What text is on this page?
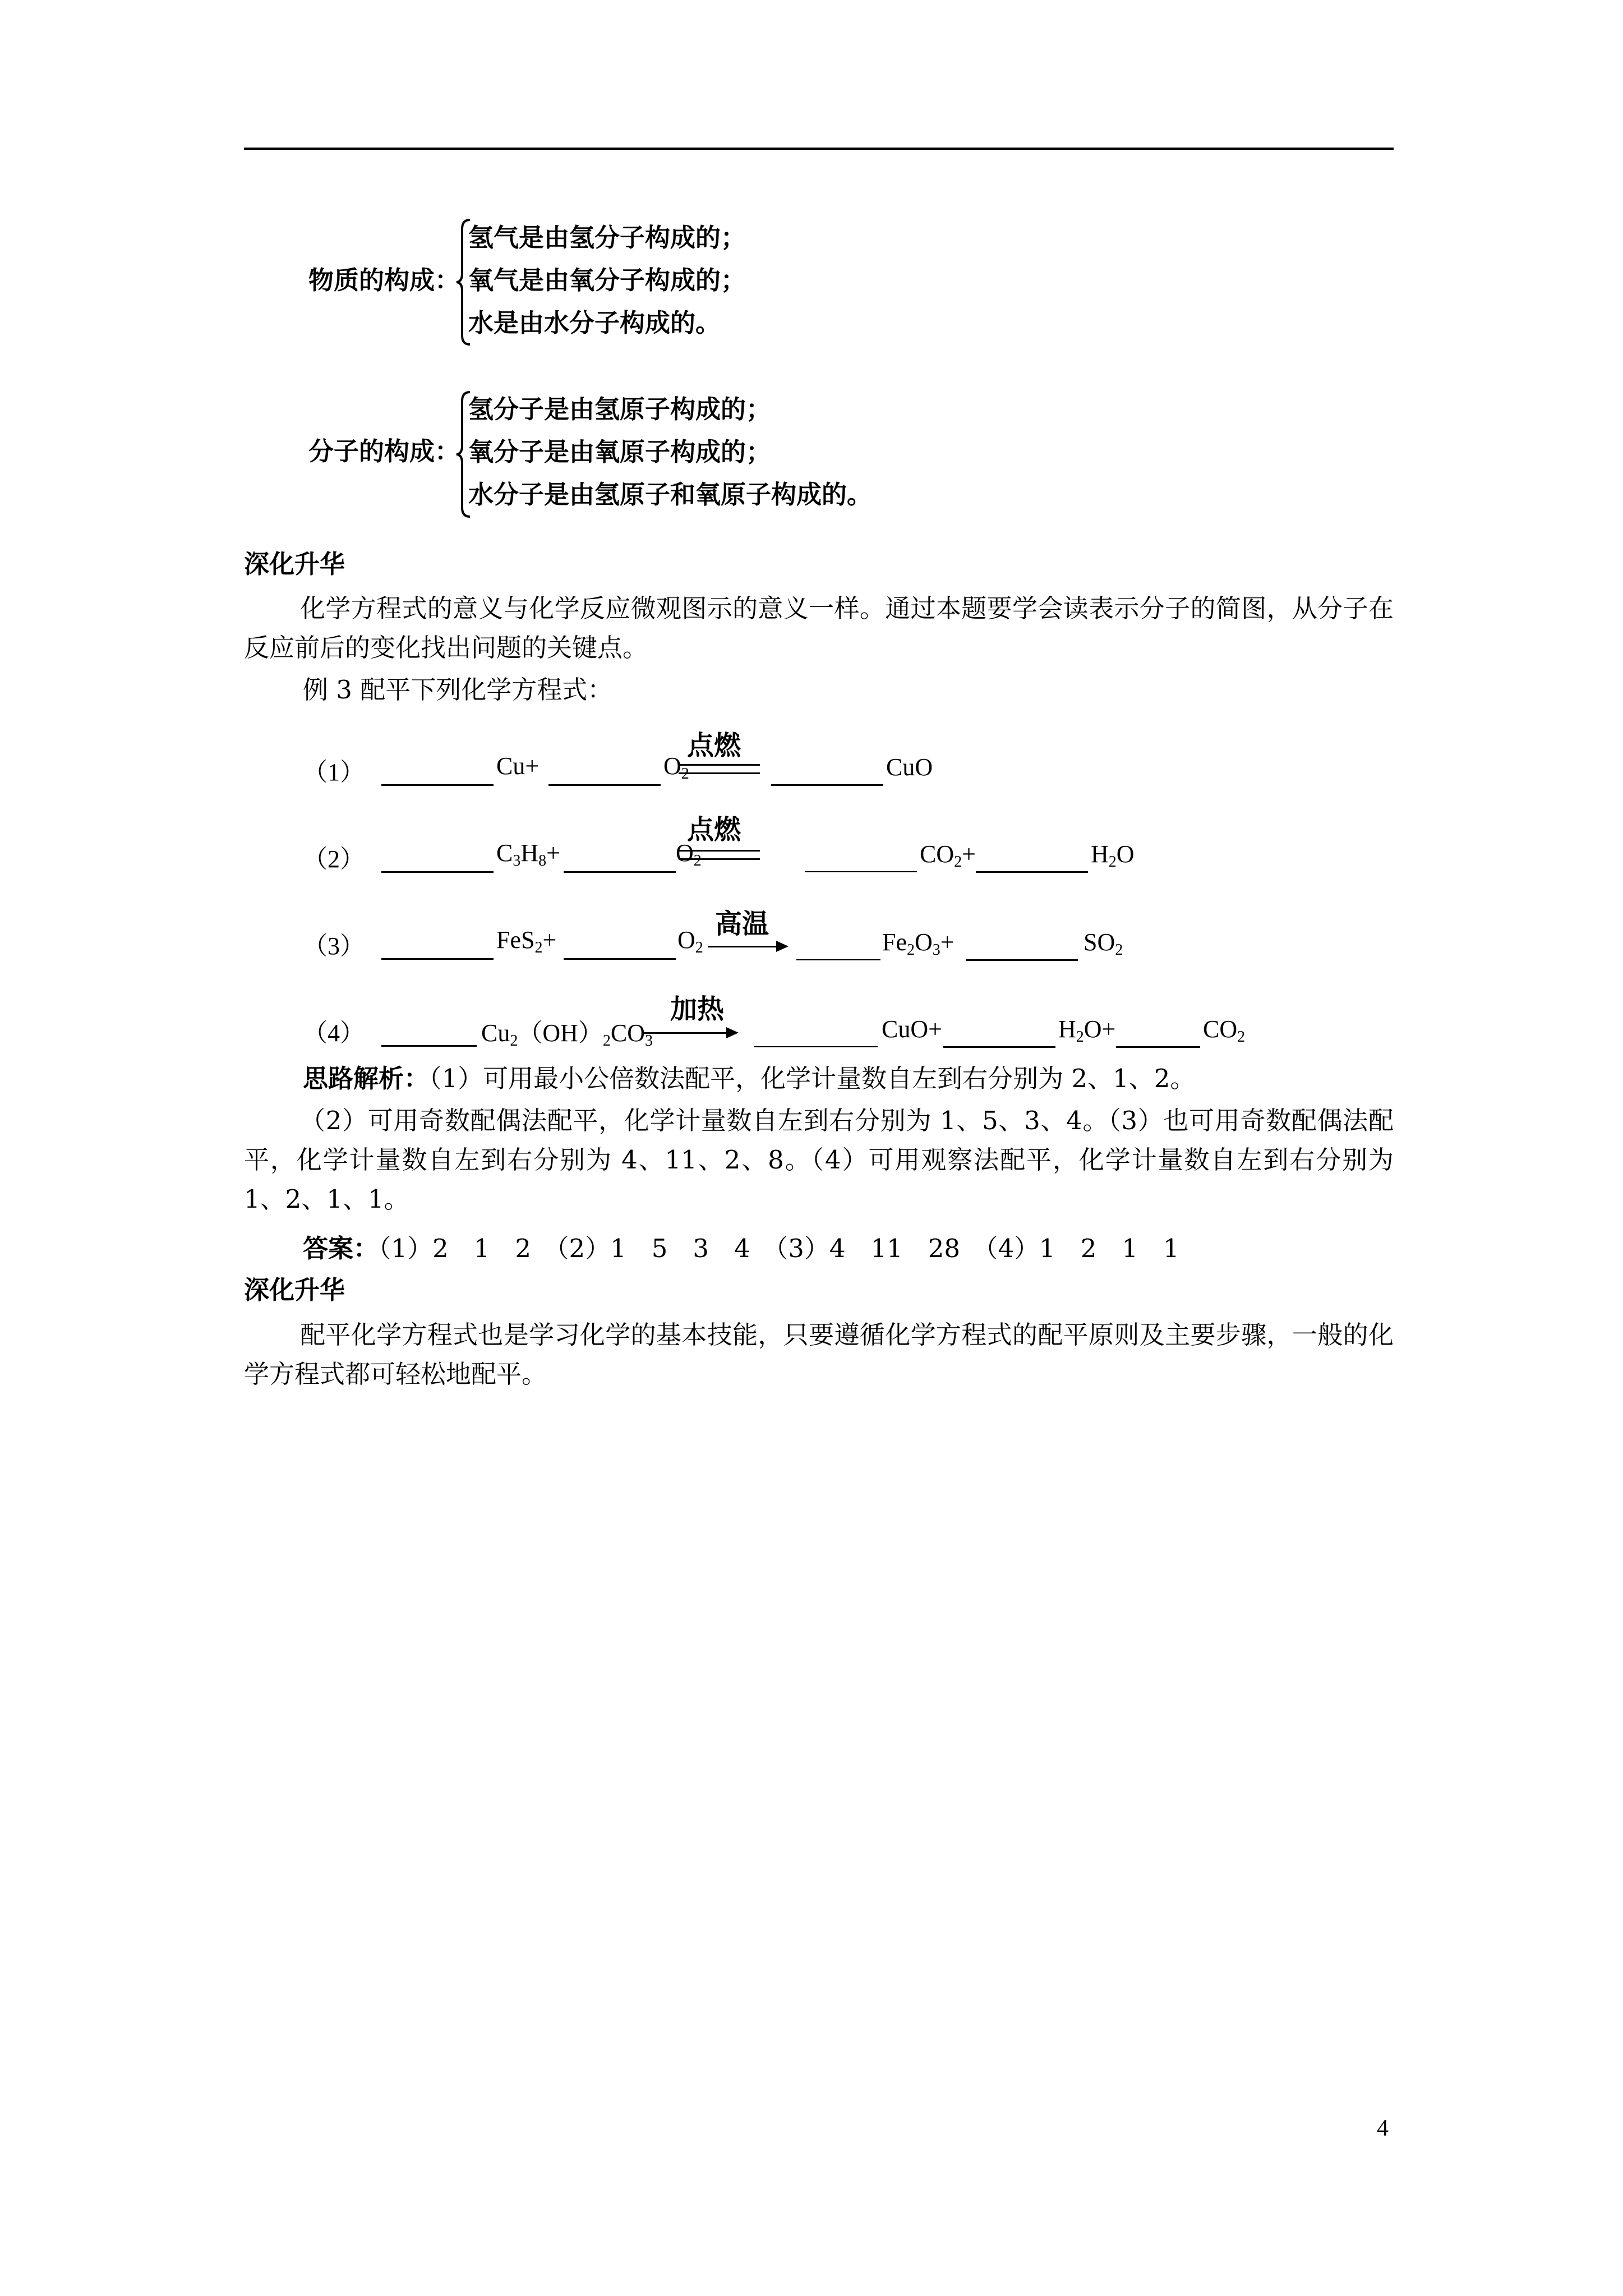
物质的构成：
氢气是由氢分子构成的；
氧气是由氧分子构成的；
水是由水分子构成的。
分子的构成：
氢分子是由氢原子构成的；
氧分子是由氧原子构成的；
水分子是由氢原子和氧原子构成的。
深化升华
化学方程式的意义与化学反应微观图示的意义一样。通过本题要学会读表示分子的简图，从分子在反应前后的变化找出问题的关键点。
例 3 配平下列化学方程式：
（1）	Cu+	$O_2$
点燃
CuO
（2）	$C_3H_8+$	$O_2$
点燃
$CO_2+$	$H_2O$
（3）	FeS$_2$+	$O_2$
高温
$Fe_2O_3+$	$SO_2$
（4）	$Cu_2(OH)_2CO_3$
加热
CuO+	$H_2O+$	$CO_2$
思路解析：（1）可用最小公倍数法配平，化学计量数自左到右分别为 2、1、2。
（2）可用奇数配偶法配平，化学计量数自左到右分别为 1、5、3、4。（3）也可用奇数配偶法配平，化学计量数自左到右分别为 4、11、2、8。（4）可用观察法配平，化学计量数自左到右分别为 1、2、1、1。
答案：（1）2　1　2　（2）1　5　3　4　（3）4　11　28　（4）1　2　1　1
深化升华
配平化学方程式也是学习化学的基本技能，只要遵循化学方程式的配平原则及主要步骤，一般的化学方程式都可轻松地配平。
4
